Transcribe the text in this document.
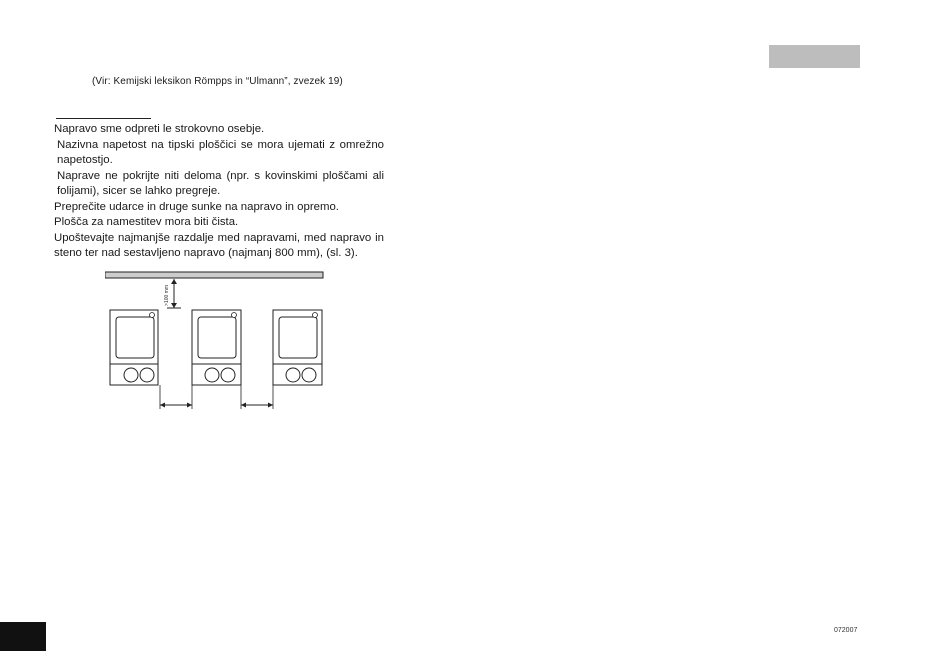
(Vir: Kemijski leksikon Römpps in “Ulmann”, zvezek 19)
Napravo sme odpreti le strokovno osebje.
Nazivna napetost na tipski ploščici se mora ujemati z omrežno napetostjo.
Naprave ne pokrijte niti deloma (npr. s kovinskimi ploščami ali folijami), sicer se lahko pregreje.
Preprečite udarce in druge sunke na napravo in opremo.
Plošča za namestitev mora biti čista.
Upoštevajte najmanjše razdalje med napravami, med napravo in steno ter nad sestavljeno napravo (najmanj 800 mm), (sl. 3).
>100 mm
072007
